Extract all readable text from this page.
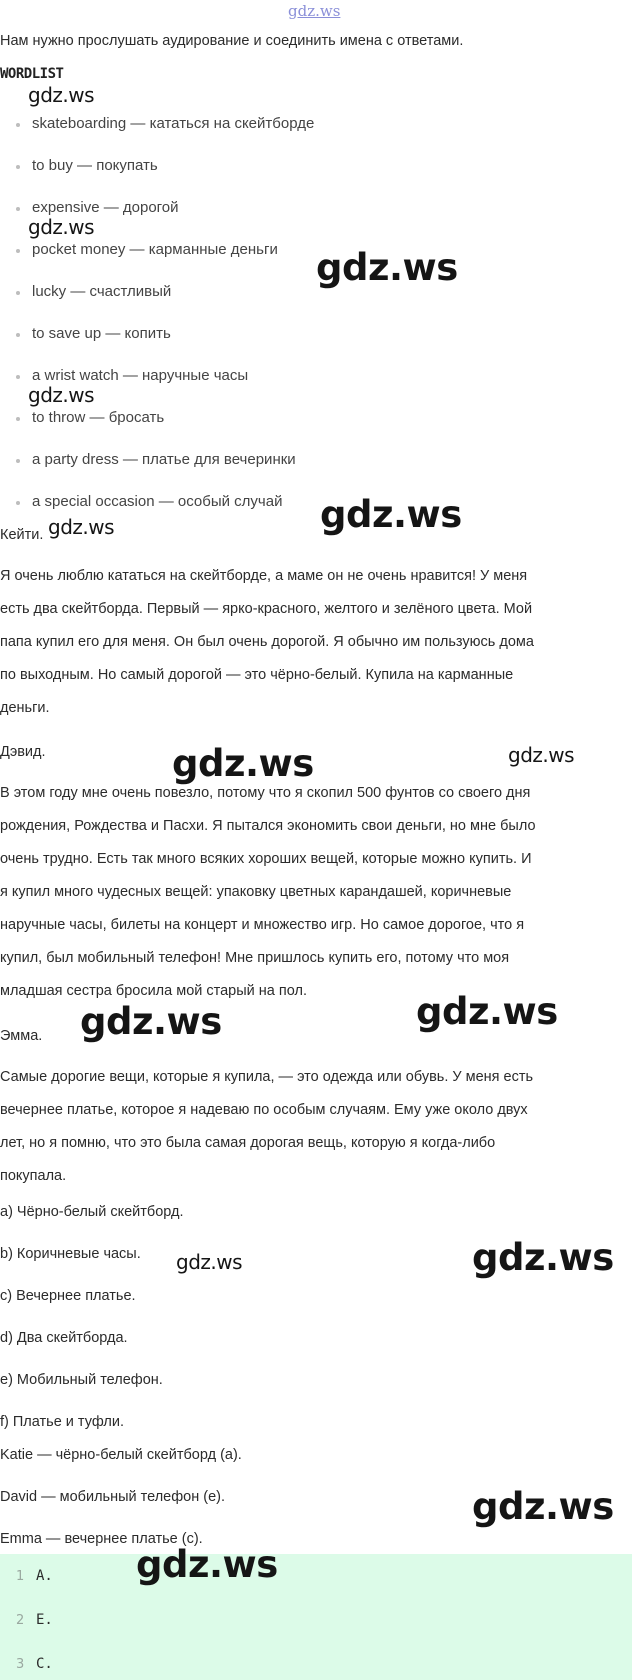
gdz.ws
Нам нужно прослушать аудирование и соединить имена с ответами.
WORDLIST
skateboarding — кататься на скейтборде
to buy — покупать
expensive — дорогой
pocket money — карманные деньги
lucky — счастливый
to save up — копить
a wrist watch — наручные часы
to throw — бросать
a party dress — платье для вечеринки
a special occasion — особый случай
Кейти.
Я очень люблю кататься на скейтборде, а маме он не очень нравится! У меня
есть два скейтборда. Первый — ярко-красного, желтого и зелёного цвета. Мой
папа купил его для меня. Он был очень дорогой. Я обычно им пользуюсь дома
по выходным. Но самый дорогой — это чёрно-белый. Купила на карманные
деньги.
Дэвид.
В этом году мне очень повезло, потому что я скопил 500 фунтов со своего дня
рождения, Рождества и Пасхи. Я пытался экономить свои деньги, но мне было
очень трудно. Есть так много всяких хороших вещей, которые можно купить. И
я купил много чудесных вещей: упаковку цветных карандашей, коричневые
наручные часы, билеты на концерт и множество игр. Но самое дорогое, что я
купил, был мобильный телефон! Мне пришлось купить его, потому что моя
младшая сестра бросила мой старый на пол.
Эмма.
Самые дорогие вещи, которые я купила, — это одежда или обувь. У меня есть
вечернее платье, которое я надеваю по особым случаям. Ему уже около двух
лет, но я помню, что это была самая дорогая вещь, которую я когда-либо
покупала.
a) Чёрно-белый скейтборд.
b) Коричневые часы.
c) Вечернее платье.
d) Два скейтборда.
e) Мобильный телефон.
f) Платье и туфли.
Katie — чёрно-белый скейтборд (a).
David — мобильный телефон (e).
Emma — вечернее платье (c).
1 A.
2 E.
3 C.
gdz.ws
gdz.ws
gdz.ws
gdz.ws
gdz.ws
gdz.ws
gdz.ws	gdz.ws
gdz.ws
gdz.ws
gdz.ws
gdz.ws
gdz.ws
gdz.ws
